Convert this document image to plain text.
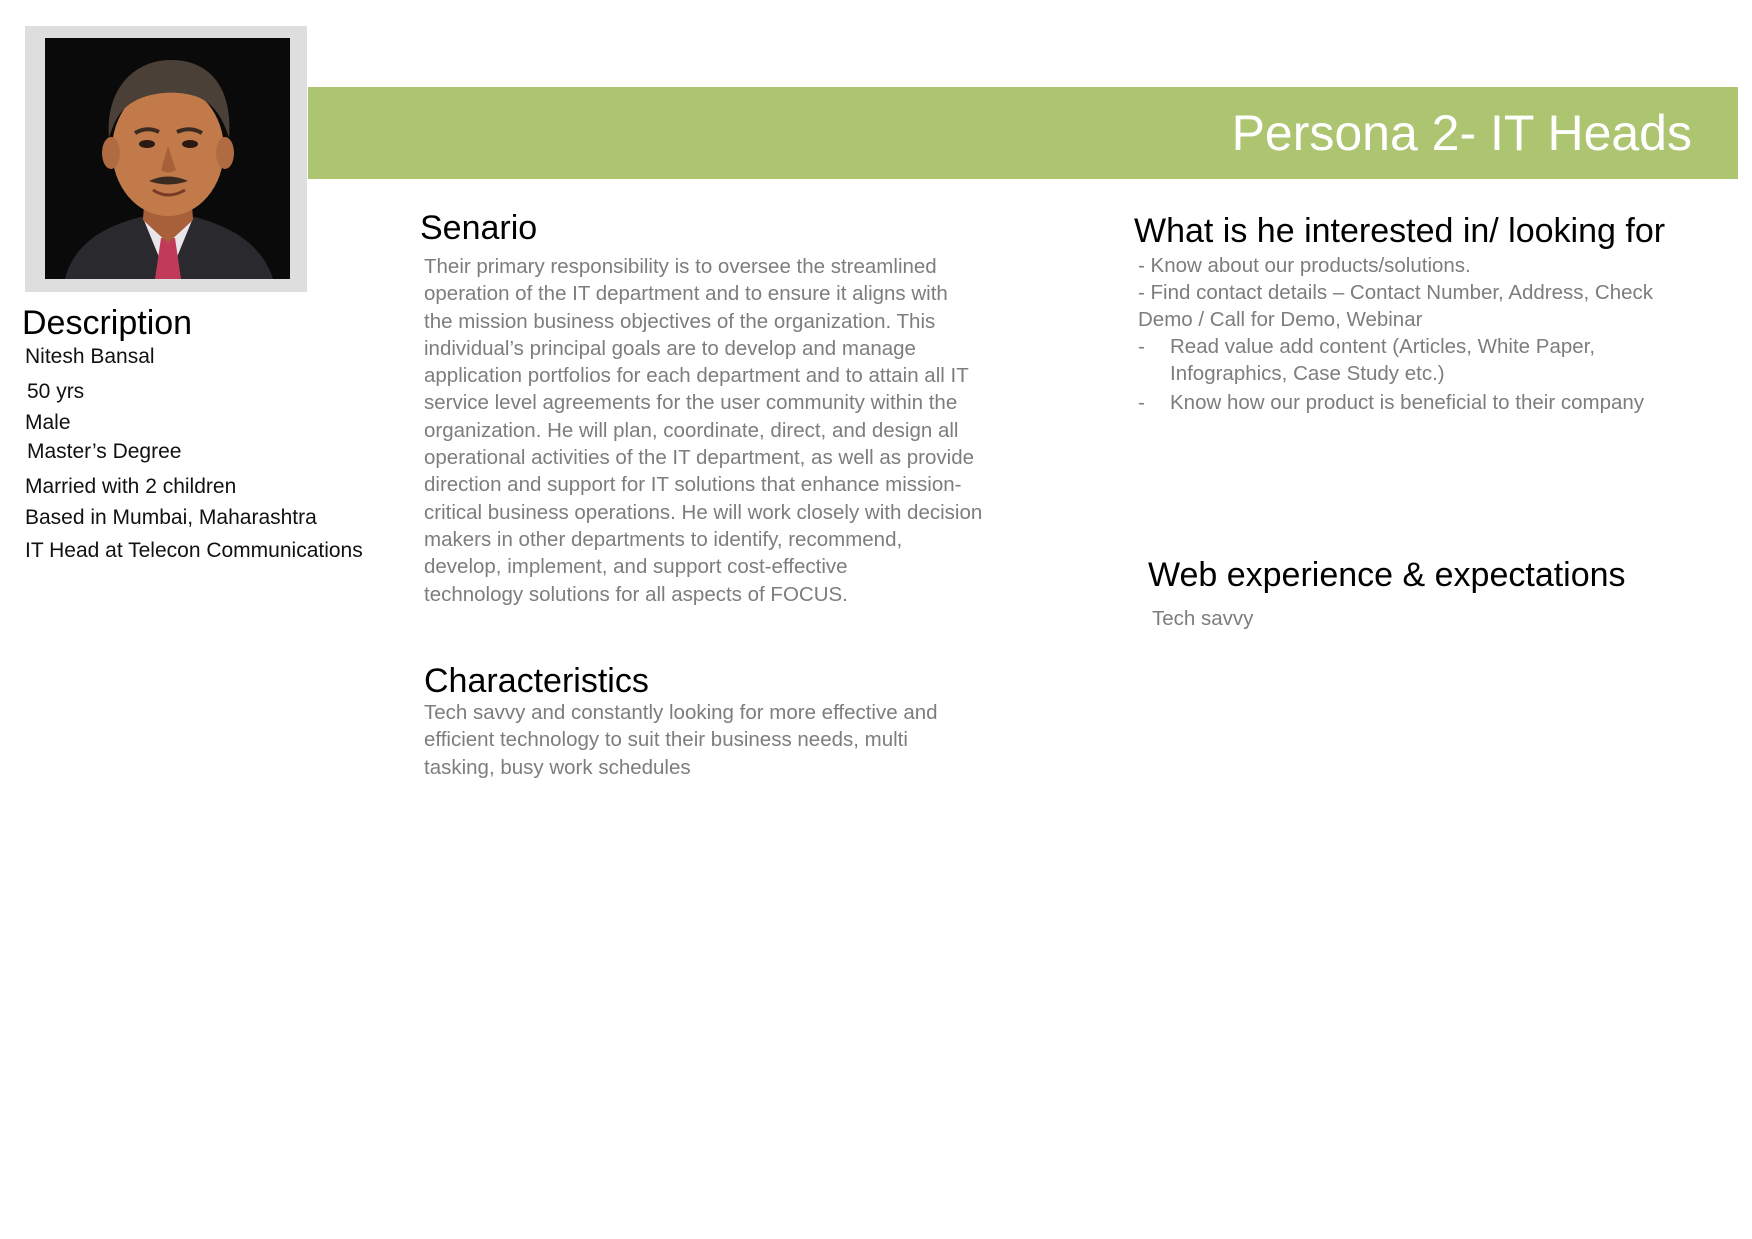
Persona 2- IT Heads
Description
Nitesh Bansal
50 yrs
Male
Master’s Degree
Married with 2 children
Based in Mumbai, Maharashtra
IT Head at Telecon Communications
Senario
Their primary responsibility is to oversee the streamlined
operation of the IT department and to ensure it aligns with
the mission business objectives of the organization. This
individual’s principal goals are to develop and manage
application portfolios for each department and to attain all IT
service level agreements for the user community within the
organization. He will plan, coordinate, direct, and design all
operational activities of the IT department, as well as provide
direction and support for IT solutions that enhance mission-
critical business operations. He will work closely with decision
makers in other departments to identify, recommend,
develop, implement, and support cost-effective
technology solutions for all aspects of FOCUS.
Characteristics
Tech savvy and constantly looking for more effective and
efficient technology to suit their business needs, multi
tasking, busy work schedules
What is he interested in/ looking for
- Know about our products/solutions.
- Find contact details – Contact Number, Address, Check
Demo / Call for Demo, Webinar
- Read value add content (Articles, White Paper,
Infographics, Case Study etc.)
- Know how our product is beneficial to their company
Web experience & expectations
Tech savvy
